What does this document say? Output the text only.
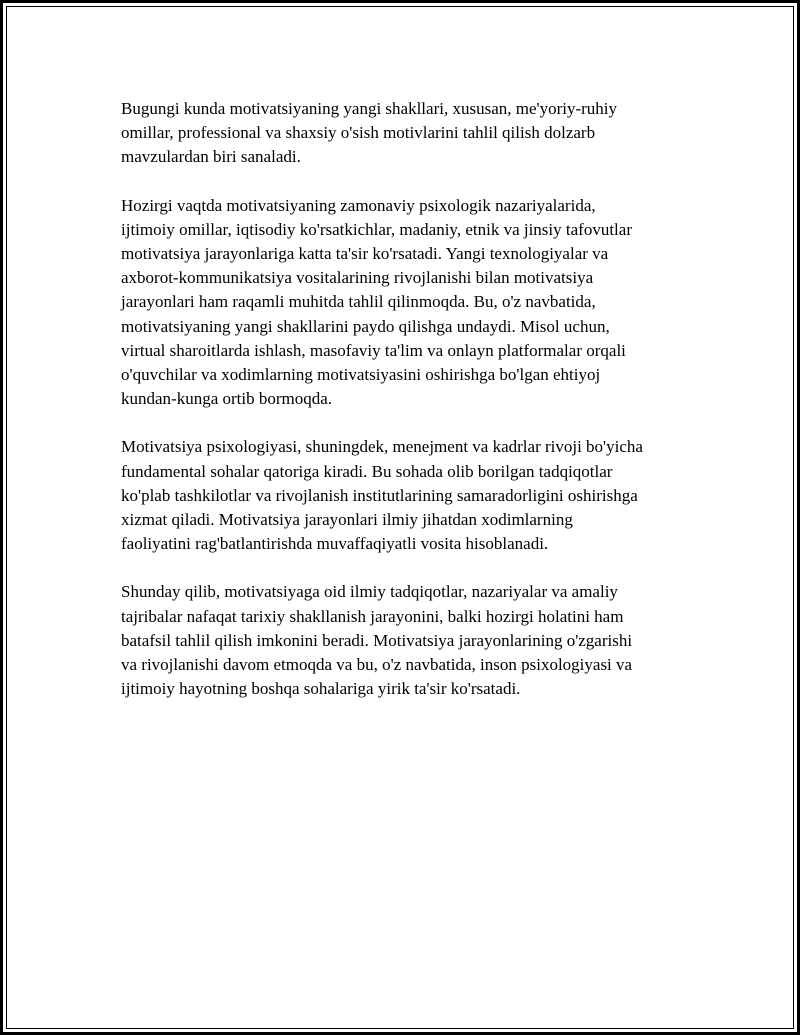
Bugungi kunda motivatsiyaning yangi shakllari, xususan, me'yoriy-ruhiy
omillar, professional va shaxsiy o'sish motivlarini tahlil qilish dolzarb
mavzulardan biri sanaladi.

Hozirgi vaqtda motivatsiyaning zamonaviy psixologik nazariyalarida,
ijtimoiy omillar, iqtisodiy ko'rsatkichlar, madaniy, etnik va jinsiy tafovutlar
motivatsiya jarayonlariga katta ta'sir ko'rsatadi. Yangi texnologiyalar va
axborot-kommunikatsiya vositalarining rivojlanishi bilan motivatsiya
jarayonlari ham raqamli muhitda tahlil qilinmoqda. Bu, o'z navbatida,
motivatsiyaning yangi shakllarini paydo qilishga undaydi. Misol uchun,
virtual sharoitlarda ishlash, masofaviy ta'lim va onlayn platformalar orqali
o'quvchilar va xodimlarning motivatsiyasini oshirishga bo'lgan ehtiyoj
kundan-kunga ortib bormoqda.

Motivatsiya psixologiyasi, shuningdek, menejment va kadrlar rivoji bo'yicha
fundamental sohalar qatoriga kiradi. Bu sohada olib borilgan tadqiqotlar
ko'plab tashkilotlar va rivojlanish institutlarining samaradorligini oshirishga
xizmat qiladi. Motivatsiya jarayonlari ilmiy jihatdan xodimlarning
faoliyatini rag'batlantirishda muvaffaqiyatli vosita hisoblanadi.

Shunday qilib, motivatsiyaga oid ilmiy tadqiqotlar, nazariyalar va amaliy
tajribalar nafaqat tarixiy shakllanish jarayonini, balki hozirgi holatini ham
batafsil tahlil qilish imkonini beradi. Motivatsiya jarayonlarining o'zgarishi
va rivojlanishi davom etmoqda va bu, o'z navbatida, inson psixologiyasi va
ijtimoiy hayotning boshqa sohalariga yirik ta'sir ko'rsatadi.
